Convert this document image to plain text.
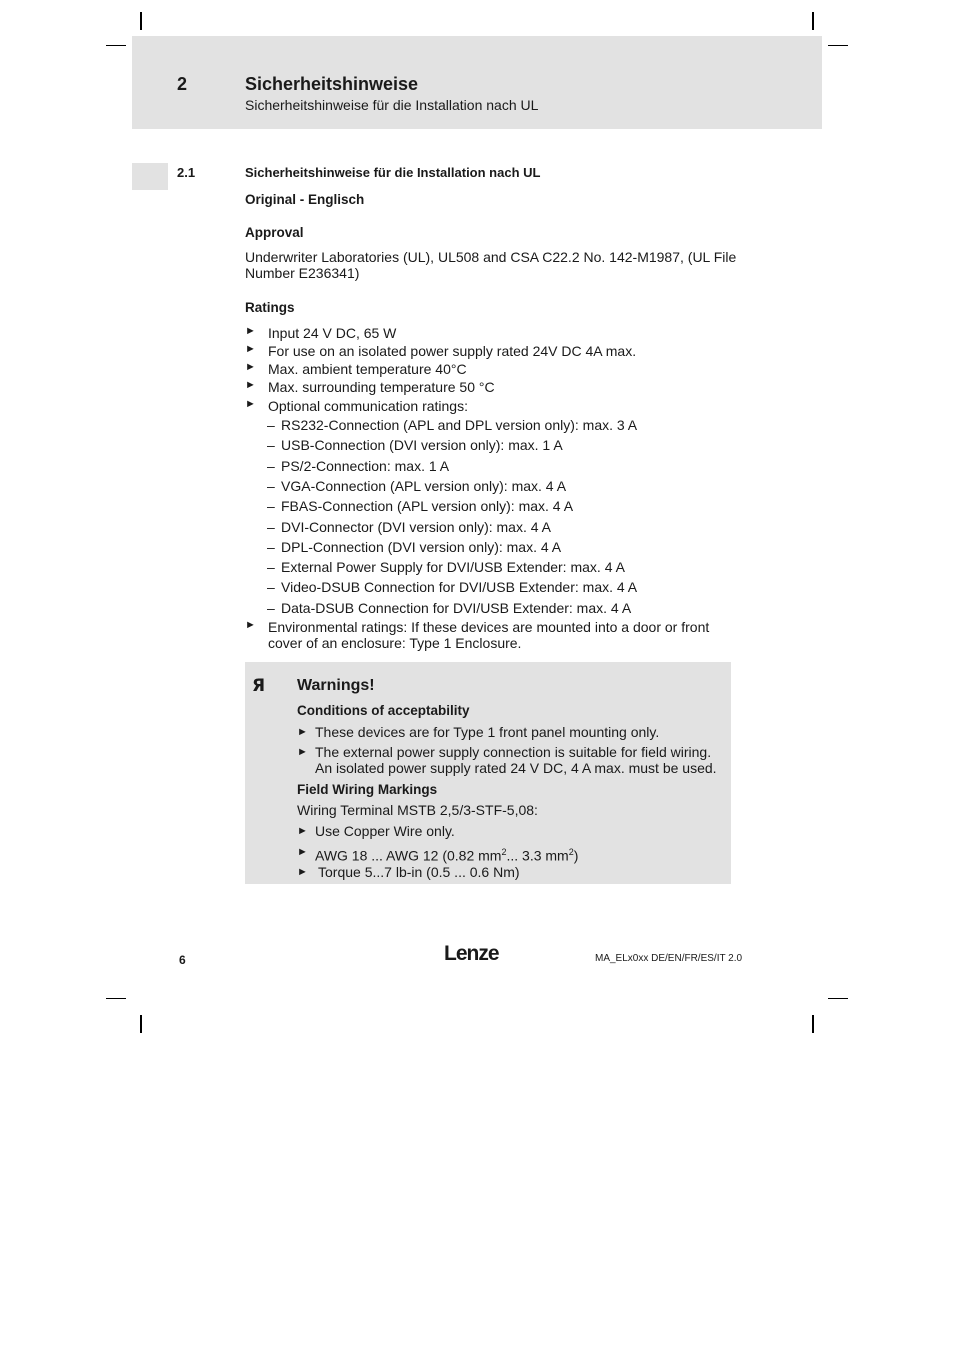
2	Sicherheitshinweise
Sicherheitshinweise für die Installation nach UL
2.1	Sicherheitshinweise für die Installation nach UL
Original - Englisch
Approval
Underwriter Laboratories (UL), UL508 and CSA C22.2 No. 142-M1987, (UL File
Number E236341)
Ratings
► Input 24 V DC, 65 W
► For use on an isolated power supply rated 24V DC 4A max.
► Max. ambient temperature 40°C
► Max. surrounding temperature 50 °C
► Optional communication ratings:
– RS232-Connection (APL and DPL version only): max. 3 A
– USB-Connection (DVI version only): max. 1 A
– PS/2-Connection: max. 1 A
– VGA-Connection (APL version only): max. 4 A
– FBAS-Connection (APL version only): max. 4 A
– DVI-Connector (DVI version only): max. 4 A
– DPL-Connection (DVI version only): max. 4 A
– External Power Supply for DVI/USB Extender: max. 4 A
– Video-DSUB Connection for DVI/USB Extender: max. 4 A
– Data-DSUB Connection for DVI/USB Extender: max. 4 A
► Environmental ratings: If these devices are mounted into a door or front
cover of an enclosure: Type 1 Enclosure.
Я Warnings!
Conditions of acceptability
► These devices are for Type 1 front panel mounting only.
► The external power supply connection is suitable for field wiring.
An isolated power supply rated 24 V DC, 4 A max. must be used.
Field Wiring Markings
Wiring Terminal MSTB 2,5/3-STF-5,08:
► Use Copper Wire only.
► AWG 18 ... AWG 12 (0.82 $mm^2$... 3.3 $mm^2$)
► Torque 5...7 lb-in (0.5 ... 0.6 Nm)
6	Lenze	MA_ELx0xx DE/EN/FR/ES/IT 2.0
